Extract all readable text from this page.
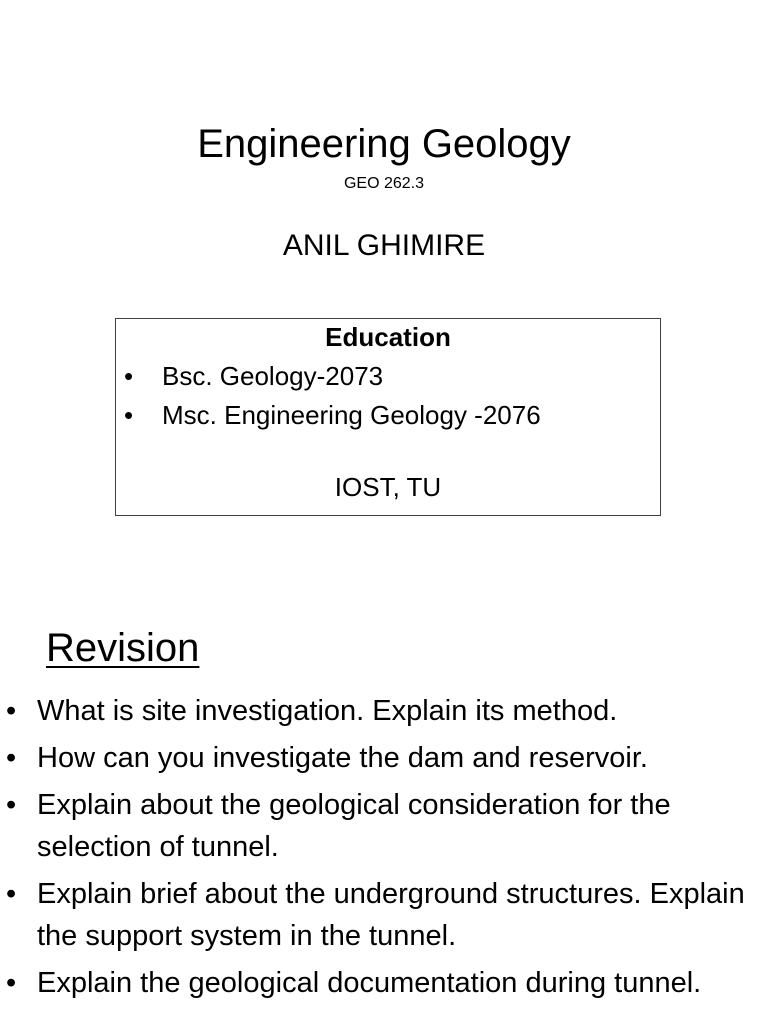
Engineering Geology
GEO 262.3
ANIL GHIMIRE
Education
• Bsc. Geology-2073
• Msc. Engineering Geology -2076
IOST, TU
Revision
• What is site investigation. Explain its method.
• How can you investigate the dam and reservoir.
• Explain about the geological consideration for the selection of tunnel.
• Explain brief about the underground structures. Explain the support system in the tunnel.
• Explain the geological documentation during tunnel.
